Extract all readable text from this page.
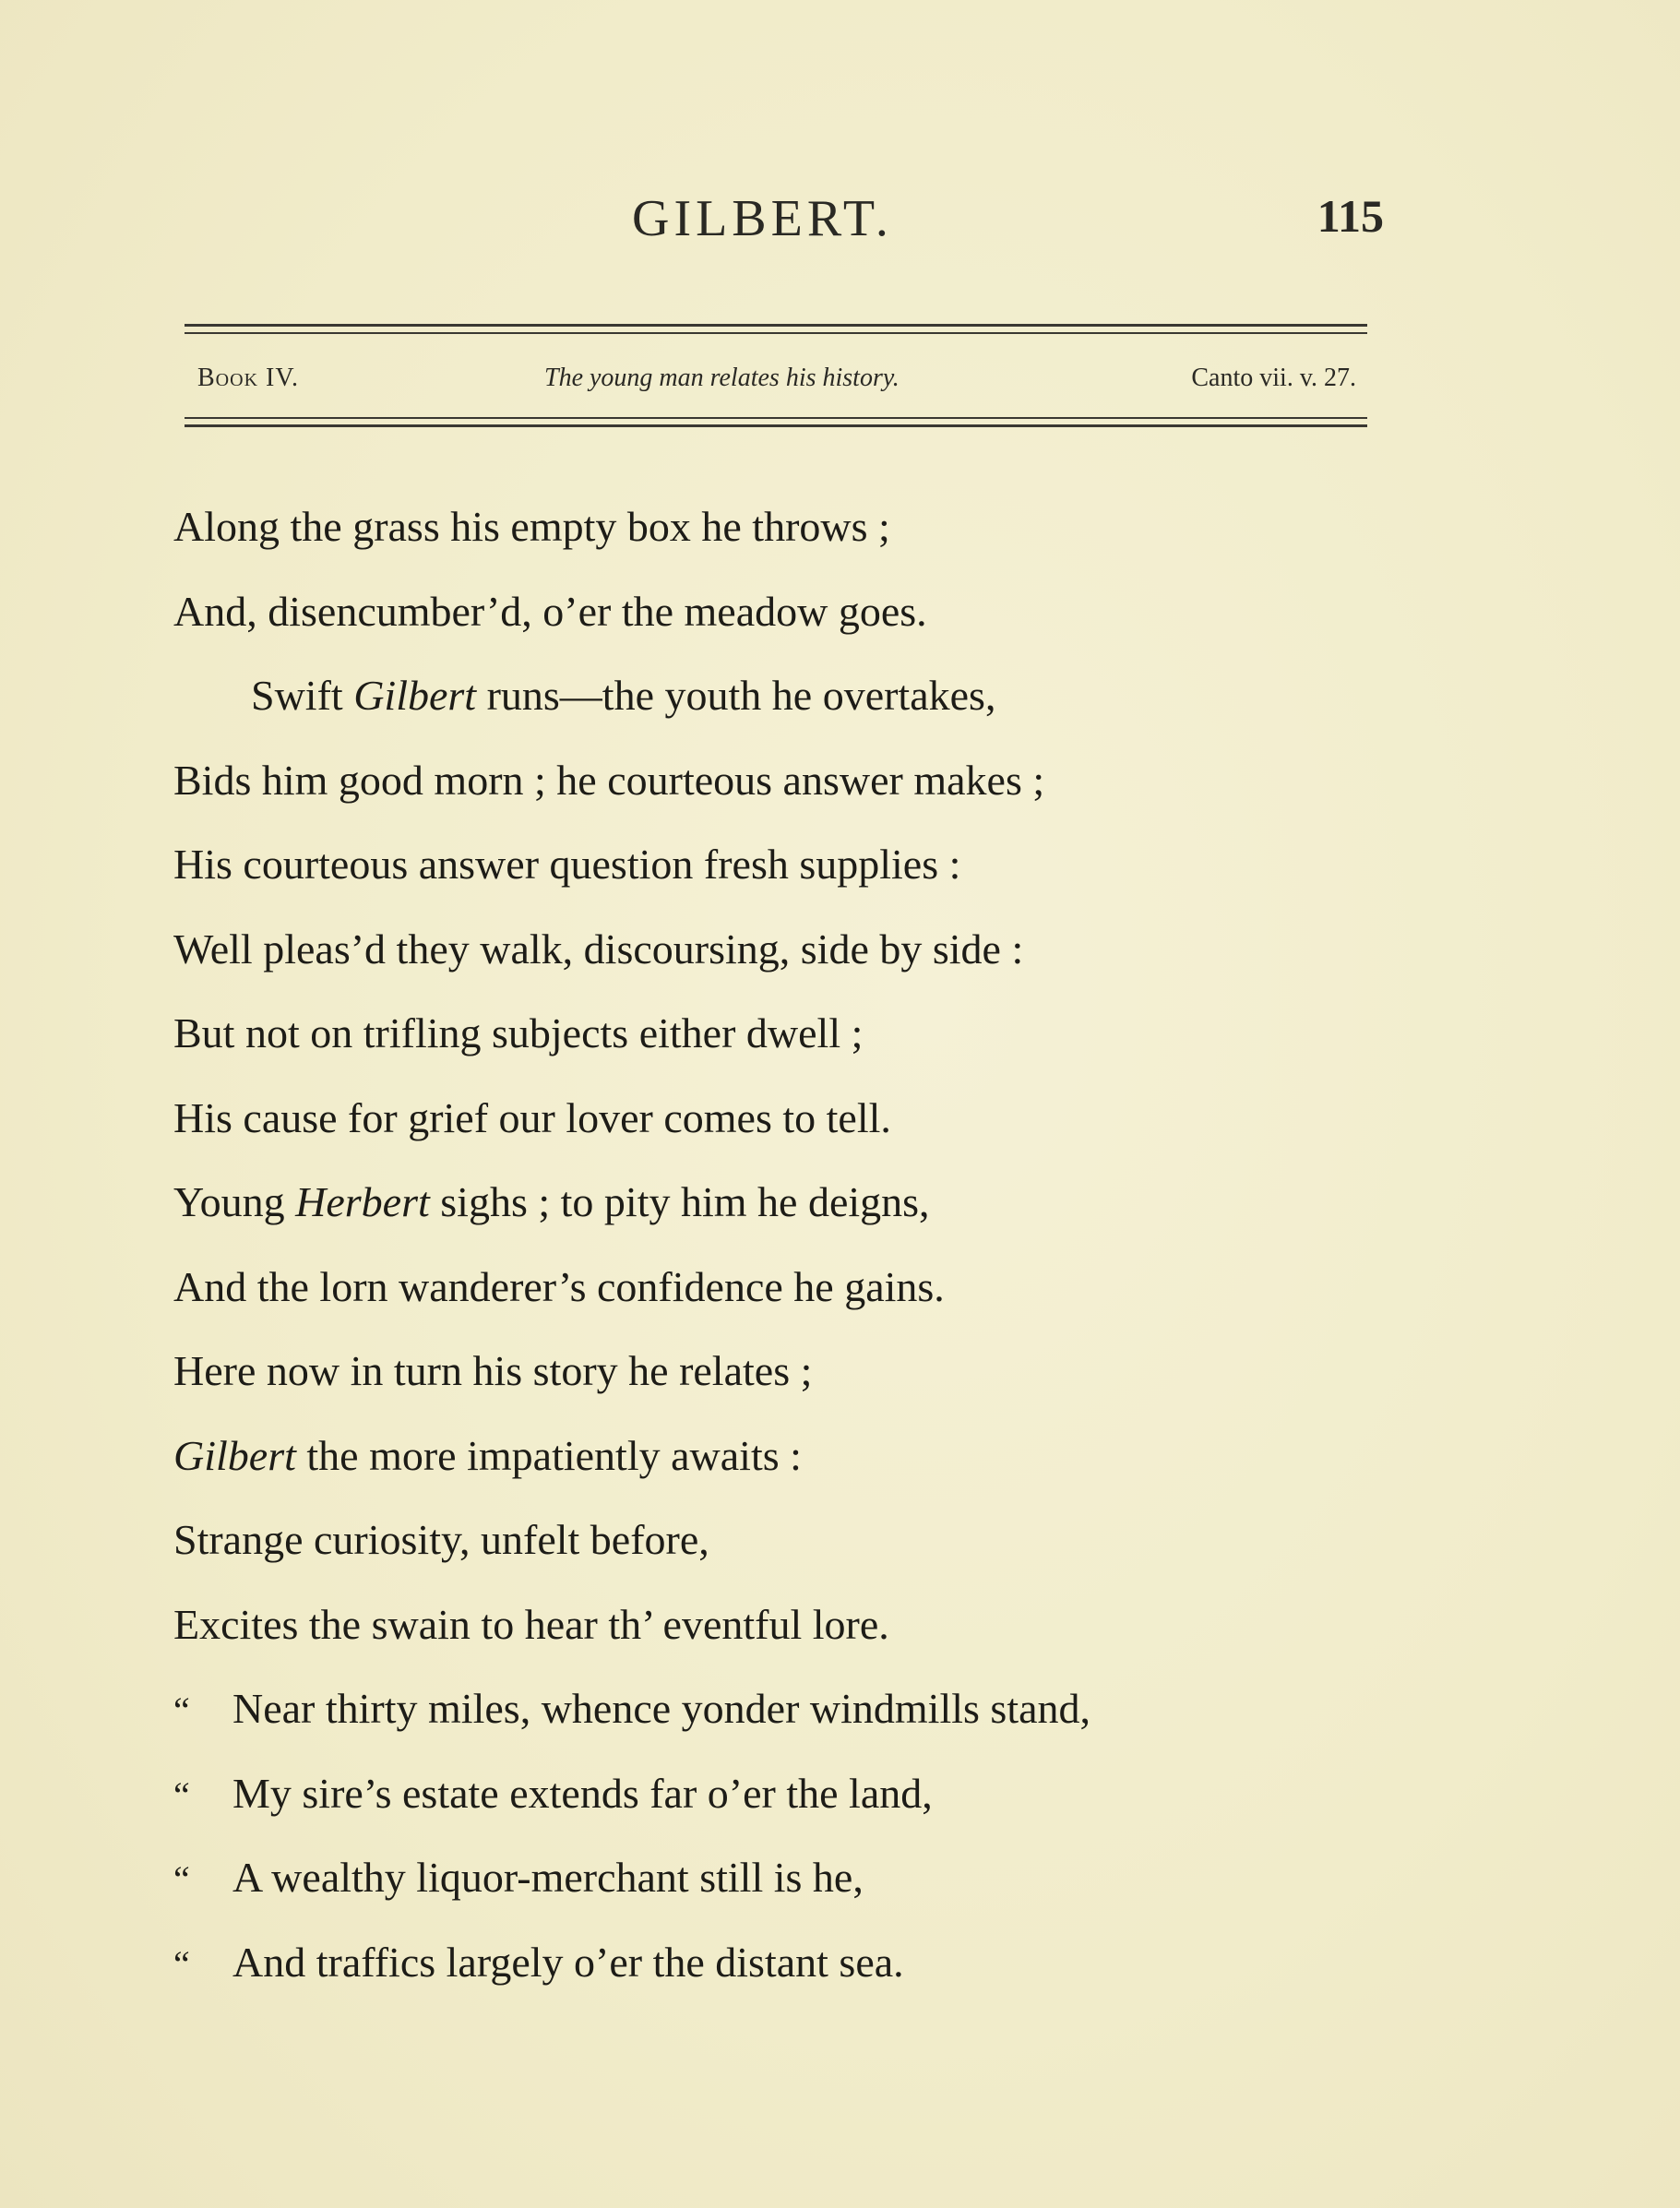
GILBERT.	115
Book IV.	The young man relates his history.	Canto vii. v. 27.
Along the grass his empty box he throws ;
And, disencumber’d, o’er the meadow goes.
Swift Gilbert runs—the youth he overtakes,
Bids him good morn ; he courteous answer makes ;
His courteous answer question fresh supplies :
Well pleas’d they walk, discoursing, side by side :
But not on trifling subjects either dwell ;
His cause for grief our lover comes to tell.
Young Herbert sighs ; to pity him he deigns,
And the lorn wanderer’s confidence he gains.
Here now in turn his story he relates ;
Gilbert the more impatiently awaits :
Strange curiosity, unfelt before,
Excites the swain to hear th’ eventful lore.
“ Near thirty miles, whence yonder windmills stand,
“ My sire’s estate extends far o’er the land,
“ A wealthy liquor-merchant still is he,
“ And traffics largely o’er the distant sea.
